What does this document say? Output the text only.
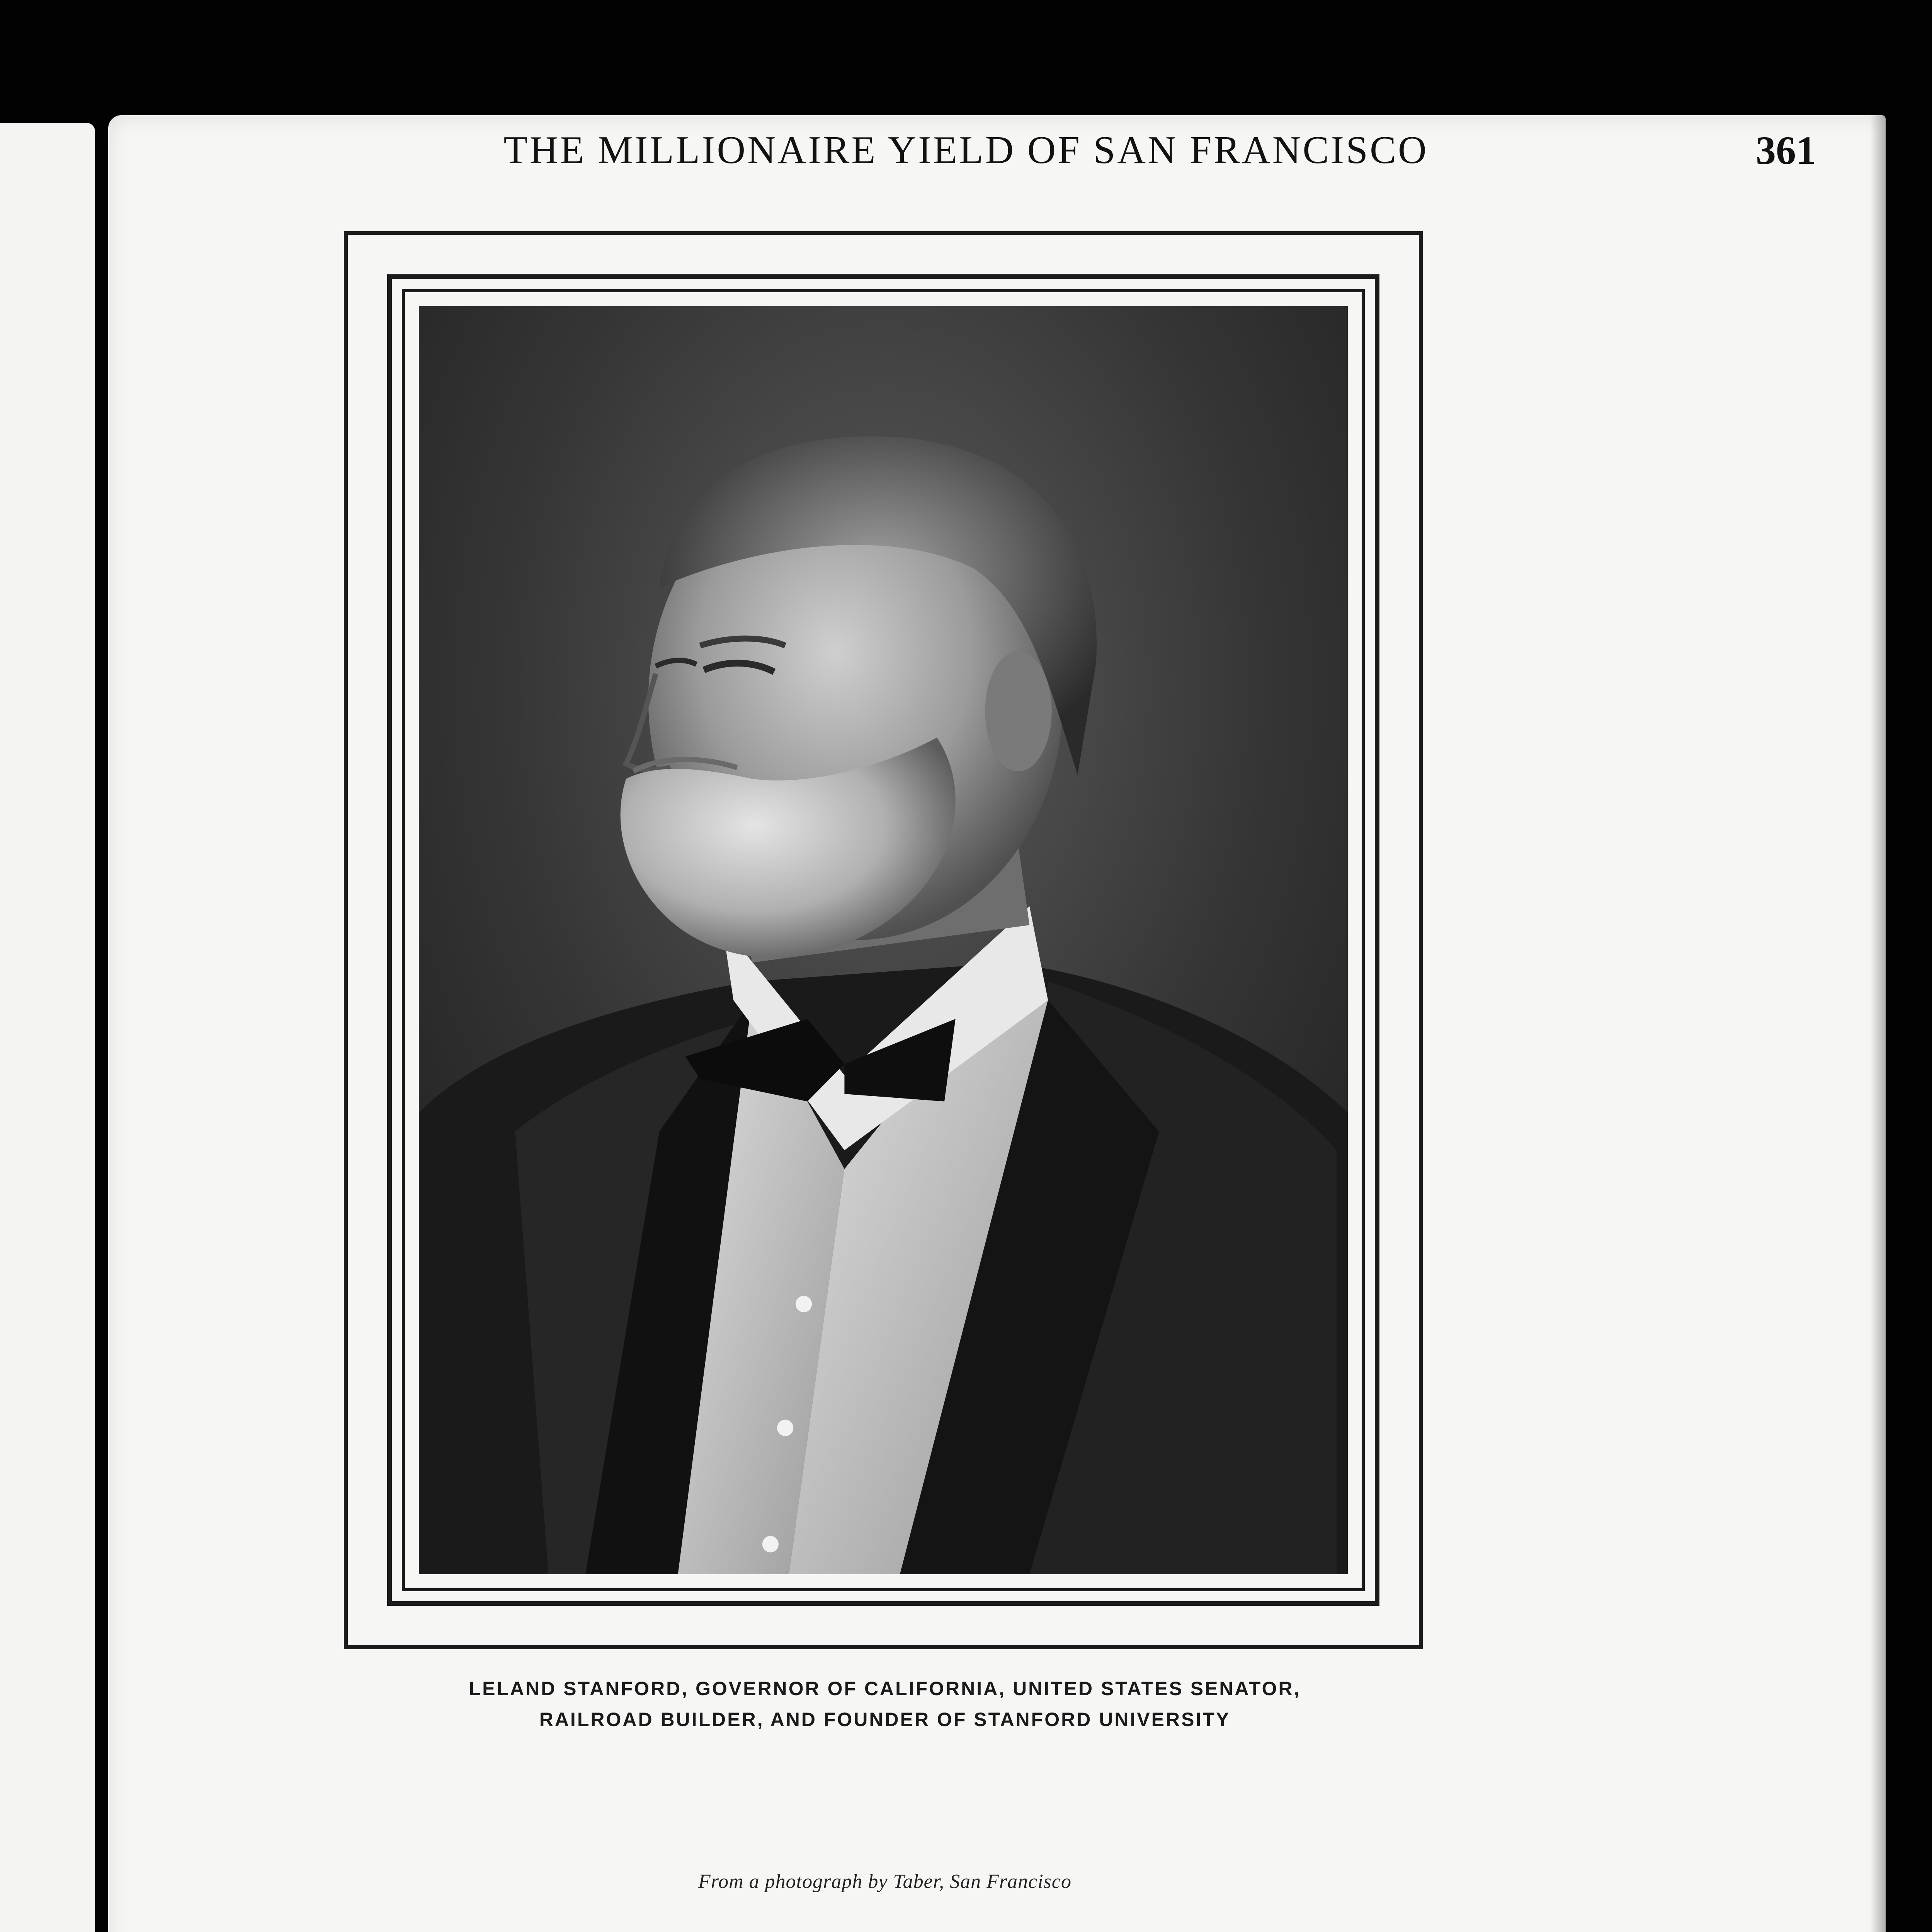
THE MILLIONAIRE YIELD OF SAN FRANCISCO	361
LELAND STANFORD, GOVERNOR OF CALIFORNIA, UNITED STATES SENATOR,
RAILROAD BUILDER, AND FOUNDER OF STANFORD UNIVERSITY
From a photograph by Taber, San Francisco
